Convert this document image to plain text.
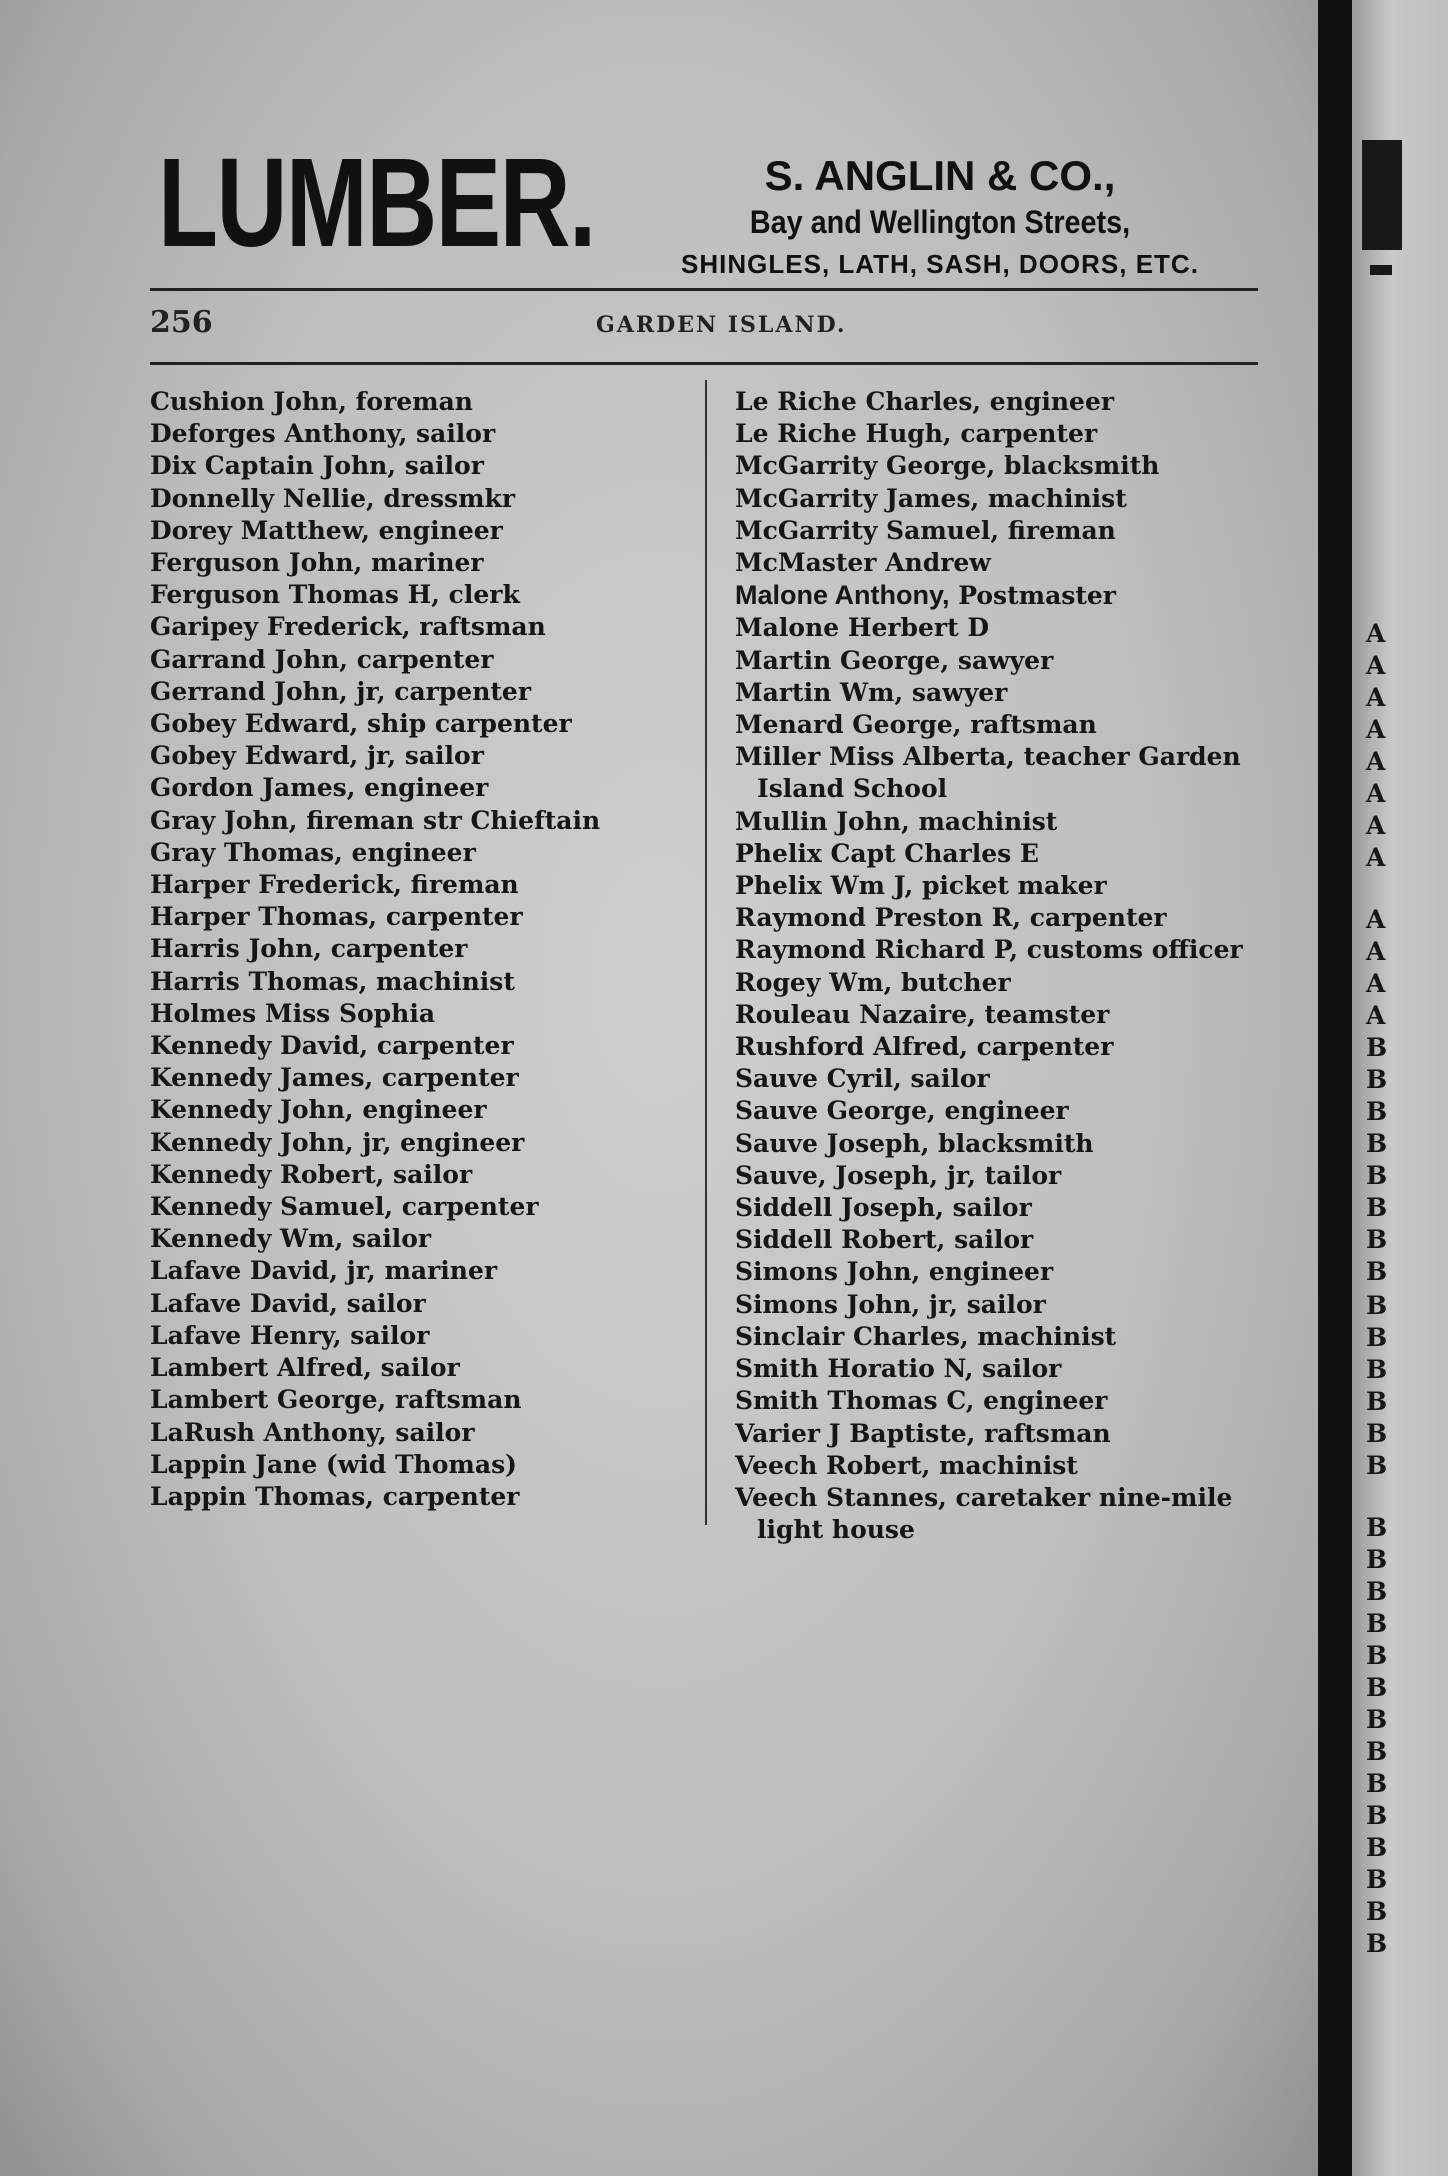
LUMBER.	S. ANGLIN & CO.,
Bay and Wellington Streets,
SHINGLES, LATH, SASH, DOORS, ETC.
256	GARDEN ISLAND.
Cushion John, foreman
Deforges Anthony, sailor
Dix Captain John, sailor
Donnelly Nellie, dressmkr
Dorey Matthew, engineer
Ferguson John, mariner
Ferguson Thomas H, clerk
Garipey Frederick, raftsman
Garrand John, carpenter
Gerrand John, jr, carpenter
Gobey Edward, ship carpenter
Gobey Edward, jr, sailor
Gordon James, engineer
Gray John, fireman str Chieftain
Gray Thomas, engineer
Harper Frederick, fireman
Harper Thomas, carpenter
Harris John, carpenter
Harris Thomas, machinist
Holmes Miss Sophia
Kennedy David, carpenter
Kennedy James, carpenter
Kennedy John, engineer
Kennedy John, jr, engineer
Kennedy Robert, sailor
Kennedy Samuel, carpenter
Kennedy Wm, sailor
Lafave David, jr, mariner
Lafave David, sailor
Lafave Henry, sailor
Lambert Alfred, sailor
Lambert George, raftsman
LaRush Anthony, sailor
Lappin Jane (wid Thomas)
Lappin Thomas, carpenter
Le Riche Charles, engineer
Le Riche Hugh, carpenter
McGarrity George, blacksmith
McGarrity James, machinist
McGarrity Samuel, fireman
McMaster Andrew
Malone Anthony, Postmaster
Malone Herbert D
Martin George, sawyer
Martin Wm, sawyer
Menard George, raftsman
Miller Miss Alberta, teacher Garden
Island School
Mullin John, machinist
Phelix Capt Charles E
Phelix Wm J, picket maker
Raymond Preston R, carpenter
Raymond Richard P, customs officer
Rogey Wm, butcher
Rouleau Nazaire, teamster
Rushford Alfred, carpenter
Sauve Cyril, sailor
Sauve George, engineer
Sauve Joseph, blacksmith
Sauve, Joseph, jr, tailor
Siddell Joseph, sailor
Siddell Robert, sailor
Simons John, engineer
Simons John, jr, sailor
Sinclair Charles, machinist
Smith Horatio N, sailor
Smith Thomas C, engineer
Varier J Baptiste, raftsman
Veech Robert, machinist
Veech Stannes, caretaker nine-mile
light house
A
A
A
A
A
A
A
A
A
A
A
A
B
B
B
B
B
B
B
B
B
B
B
B
B
B
B
B
B
B
B
B
B
B
B
B
B
B
B
B
